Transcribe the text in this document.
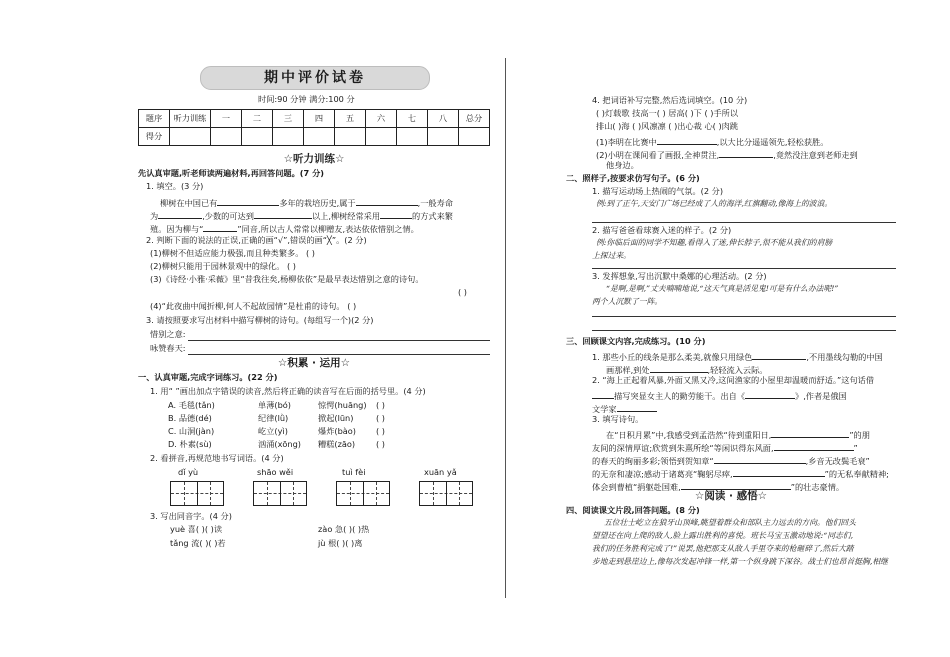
期中评价试卷
时间:90 分钟 满分:100 分
题序	听力训练	一	二	三	四	五	六	七	八	总分
得分										
☆听力训练☆
先认真审题,听老师读两遍材料,再回答问题。(7 分)
1. 填空。(3 分)
柳树在中国已有	多年的栽培历史,属于	,一般寿命
为	,少数的可达到	以上,柳树经常采用	的方式来繁
殖。因为柳与“	”同音,所以古人常常以柳赠友,表达依依惜别之情。
2. 判断下面的说法的正误,正确的画“√”,错误的画“╳”。(2 分)
(1)柳树不但适应能力极强,而且种类繁多。 ( )
(2)柳树只能用于园林景观中的绿化。 ( )
(3)《诗经·小雅·采薇》里“昔我往矣,杨柳依依”是最早表达惜别之意的诗句。
( )
(4)“此夜曲中闻折柳,何人不起故园情”是杜甫的诗句。 ( )
3. 请按照要求写出材料中描写柳树的诗句。(每组写一个)(2 分)
惜别之意:
咏赞春天:
☆积累 · 运用☆
一、认真审题,完成字词练习。(22 分)
1. 用“ ”画出加点字错误的读音,然后将正确的读音写在后面的括号里。(4 分)
A. 毛毯(tǎn)	单薄(bó)	惊愕(huāng) ( )
B. 品德(dé)	纪律(lǜ)	掀起(lūn)	( )
C. 山洞(jàn)	屹立(yì)	爆炸(bào) ( )
D. 朴素(sù)	汹涌(xōng) 糟糕(zāo)	( )
2. 看拼音,再规范地书写词语。(4 分)
dǐ yù	shāo wěi	tuì fèi	xuān yǎ
3. 写出同音字。(4 分)
yuè 喜( )( )读	zào 急( )( )热
tǎng 流( )( )若	jù 根( )( )离
4. 把词语补写完整,然后选词填空。(10 分)
( )灯载歌 技高一( ) 居高( )下 ( )手所以
排山( )海 ( )风凛凛 ( )出心裁 心( )肉跳
(1)李明在比赛中	,以大比分遥遥领先,轻松获胜。
(2)小明在课间看了画报,全神贯注,	,竟然没注意到老师走到
他身边。
二、照样子,按要求仿写句子。(6 分)
1. 描写运动场上热闹的气氛。(2 分)
例:到了正午,天安门广场已经成了人的海洋,红旗翻动,像海上的波浪。
2. 描写爸爸看球赛入迷的样子。(2 分)
例:你临后面的同学不知趣,看得入了迷,伸长脖子,很不能从我们的肩膀
上探过来。
3. 发挥想象,写出沉默中桑娜的心理活动。(2 分)
“是啊,是啊,”丈夫喃喃地说,“这天气真是活见鬼!可是有什么办法呢!”
两个人沉默了一阵。
三、回顾课文内容,完成练习。(10 分)
1. 那些小丘的线条是那么柔美,就像只用绿色	,不用墨线勾勒的中国
画那样,到处	,轻轻流入云际。
2. “海上正起着风暴,外面又黑又冷,这间渔家的小屋里却温暖而舒适。”这句话借
描写突显女主人的勤劳能干。出自《	》,作者是俄国
文学家
3. 填写诗句。
在“日积月累”中,我感受到孟浩然“待到重阳日,	”的朋
友间的深情厚谊;欣赏到朱熹所绘“等闲识得东风面,	”
的春天的绚丽多彩;领悟到贺知章“	,乡音无改鬓毛衰”
的无奈和凄凉;感动于诸葛亮“鞠躬尽瘁,	”的无私奉献精神;
体会到曹植“捐躯赴国难,	”的壮志豪情。
☆阅读 · 感悟☆
四、阅读课文片段,回答问题。(8 分)
五位壮士屹立在狼牙山顶峰,眺望着群众和部队主力远去的方向。他们回头
望望还在向上爬的敌人,脸上露出胜利的喜悦。班长马宝玉激动地说:“同志们,
我们的任务胜利完成了!”说罢,他把那支从敌人手里夺来的枪砸碎了,然后大踏
步地走到悬崖边上,像每次发起冲锋一样,第一个纵身跳下深谷。战士们也昂首挺胸,相继
